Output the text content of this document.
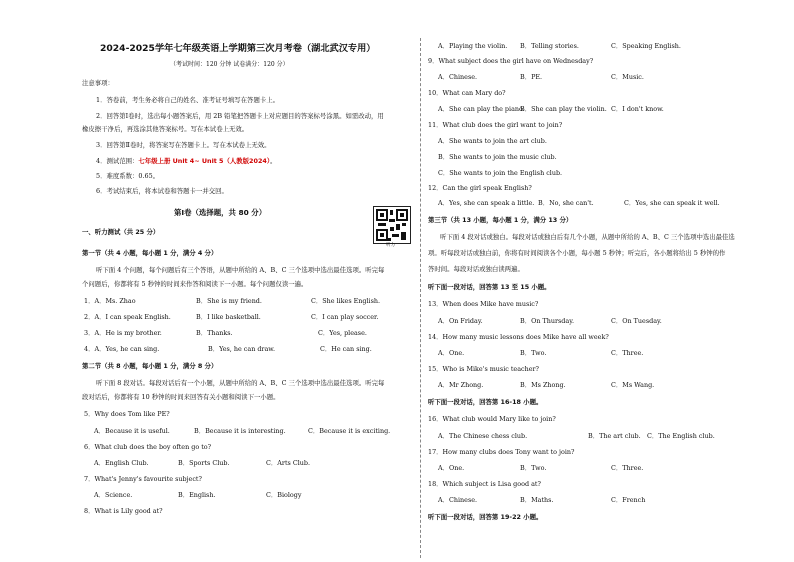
2024-2025学年七年级英语上学期第三次月考卷（湖北武汉专用）
（考试时间：120 分钟 试卷满分：120 分）
注意事项：
1．答卷前，考生务必将自己的姓名、准考证号填写在答题卡上。
2．回答第Ⅰ卷时，选出每小题答案后，用 2B 铅笔把答题卡上对应题目的答案标号涂黑。如需改动，用
橡皮擦干净后，再选涂其他答案标号。写在本试卷上无效。
3．回答第Ⅱ卷时，将答案写在答题卡上。写在本试卷上无效。
4．测试范围：七年级上册 Unit 4~ Unit 5（人教版2024）。
5．难度系数：0.65。
6．考试结束后，将本试卷和答题卡一并交回。
第Ⅰ卷（选择题，共 80 分）
听力
一、听力测试（共 25 分）
第一节（共 4 小题，每小题 1 分，满分 4 分）
听下面 4 个问题，每个问题后有三个答语，从题中所给的 A、B、C 三个选项中选出最佳选项。听完每
个问题后，你都将有 5 秒钟的时间来作答和阅读下一小题。每个问题仅读一遍。
1．A．Ms. Zhao	B．She is my friend.	C．She likes English.
2．A．I can speak English.	B．I like basketball.	C．I can play soccer.
3．A．He is my brother.	B．Thanks.	C．Yes, please.
4．A．Yes, he can sing.	B．Yes, he can draw.	C．He can sing.
第二节（共 8 小题，每小题 1 分，满分 8 分）
听下面 8 段对话。每段对话后有一个小题，从题中所给的 A、B、C 三个选项中选出最佳选项。听完每
段对话后，你都将有 10 秒钟的时间来回答有关小题和阅读下一小题。
5．Why does Tom like PE?
A．Because it is useful.	B．Because it is interesting.	C．Because it is exciting.
6．What club does the boy often go to?
A．English Club.	B．Sports Club.	C．Arts Club.
7．What's Jenny's favourite subject?
A．Science.	B．English.	C．Biology
8．What is Lily good at?
A．Playing the violin. B．Telling stories.	C．Speaking English.
9．What subject does the girl have on Wednesday?
A．Chinese.	B．PE.	C．Music.
10．What can Mary do?
A．She can play the piano.
B．She can play the violin. C．I don't know.
11．What club does the girl want to join?
A．She wants to join the art club.
B．She wants to join the music club.
C．She wants to join the English club.
12．Can the girl speak English?
A．Yes, she can speak a little. B．No, she can't.	C．Yes, she can speak it well.
第三节（共 13 小题，每小题 1 分，满分 13 分）
听下面 4 段对话或独白。每段对话或独白后有几个小题，从题中所给的 A、B、C 三个选项中选出最佳选
项。听每段对话或独白前，你将有时间阅读各个小题，每小题 5 秒钟；听完后，各小题将给出 5 秒钟的作
答时间。每段对话或独白读两遍。
听下面一段对话，回答第 13 至 15 小题。
13．When does Mike have music?
A．On Friday.	B．On Thursday.	C．On Tuesday.
14．How many music lessons does Mike have all week?
A．One.	B．Two.	C．Three.
15．Who is Mike's music teacher?
A．Mr Zhong.	B．Ms Zhong.	C．Ms Wang.
听下面一段对话，回答第 16-18 小题。
16．What club would Mary like to join?
A．The Chinese chess club.	B．The art club. C．The English club.
17．How many clubs does Tony want to join?
A．One.	B．Two.	C．Three.
18．Which subject is Lisa good at?
A．Chinese.	B．Maths.	C．French
听下面一段对话，回答第 19-22 小题。
